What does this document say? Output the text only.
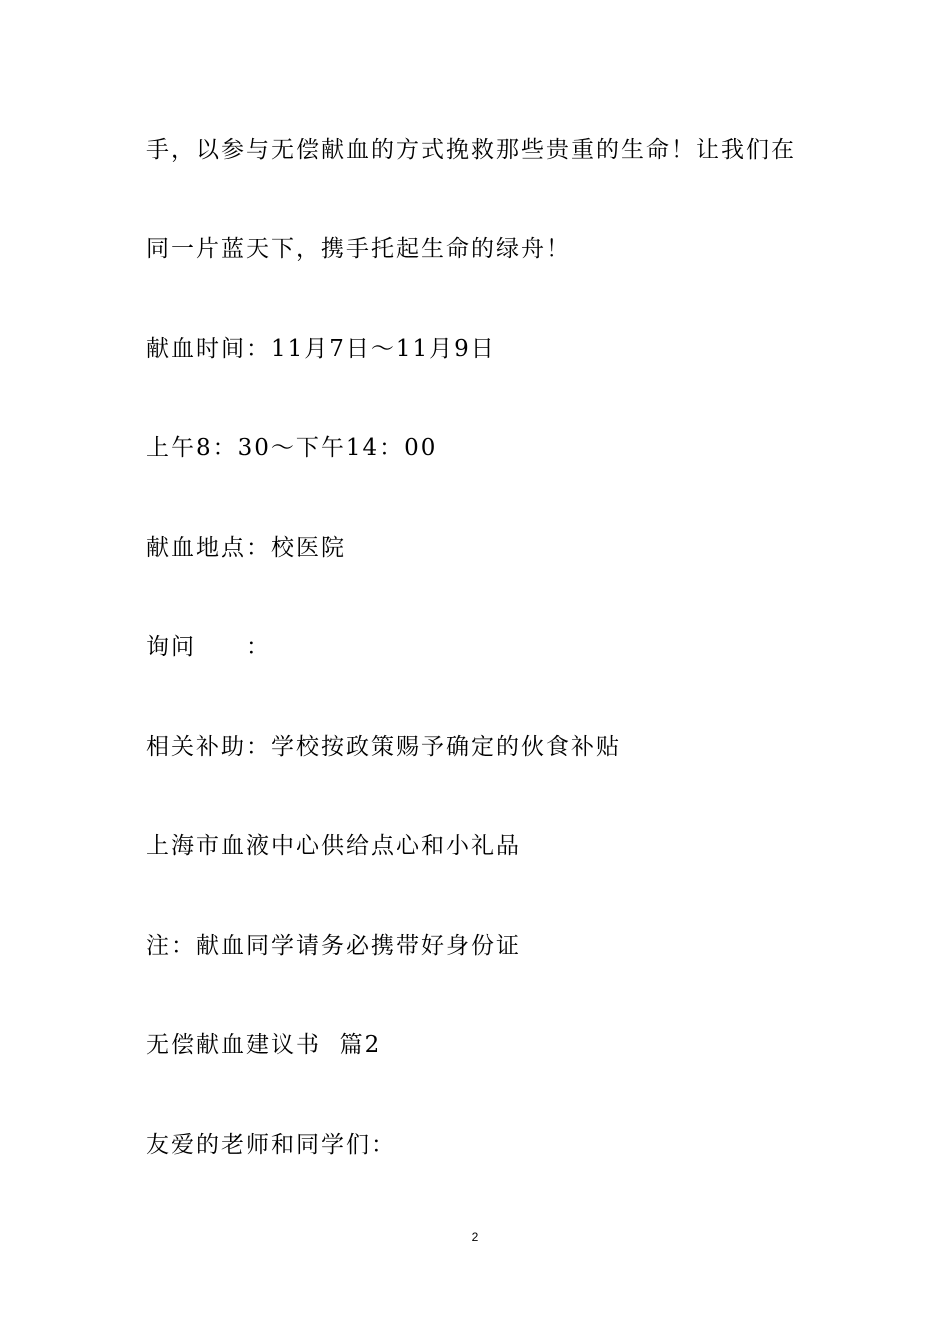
手，以参与无偿献血的方式挽救那些贵重的生命！让我们在
同一片蓝天下，携手托起生命的绿舟！
献血时间：11月7日～11月9日
上午8：30～下午14：00
献血地点：校医院
询问　　：
相关补助：学校按政策赐予确定的伙食补贴
上海市血液中心供给点心和小礼品
注：献血同学请务必携带好身份证
无偿献血建议书  篇2
友爱的老师和同学们：
2
